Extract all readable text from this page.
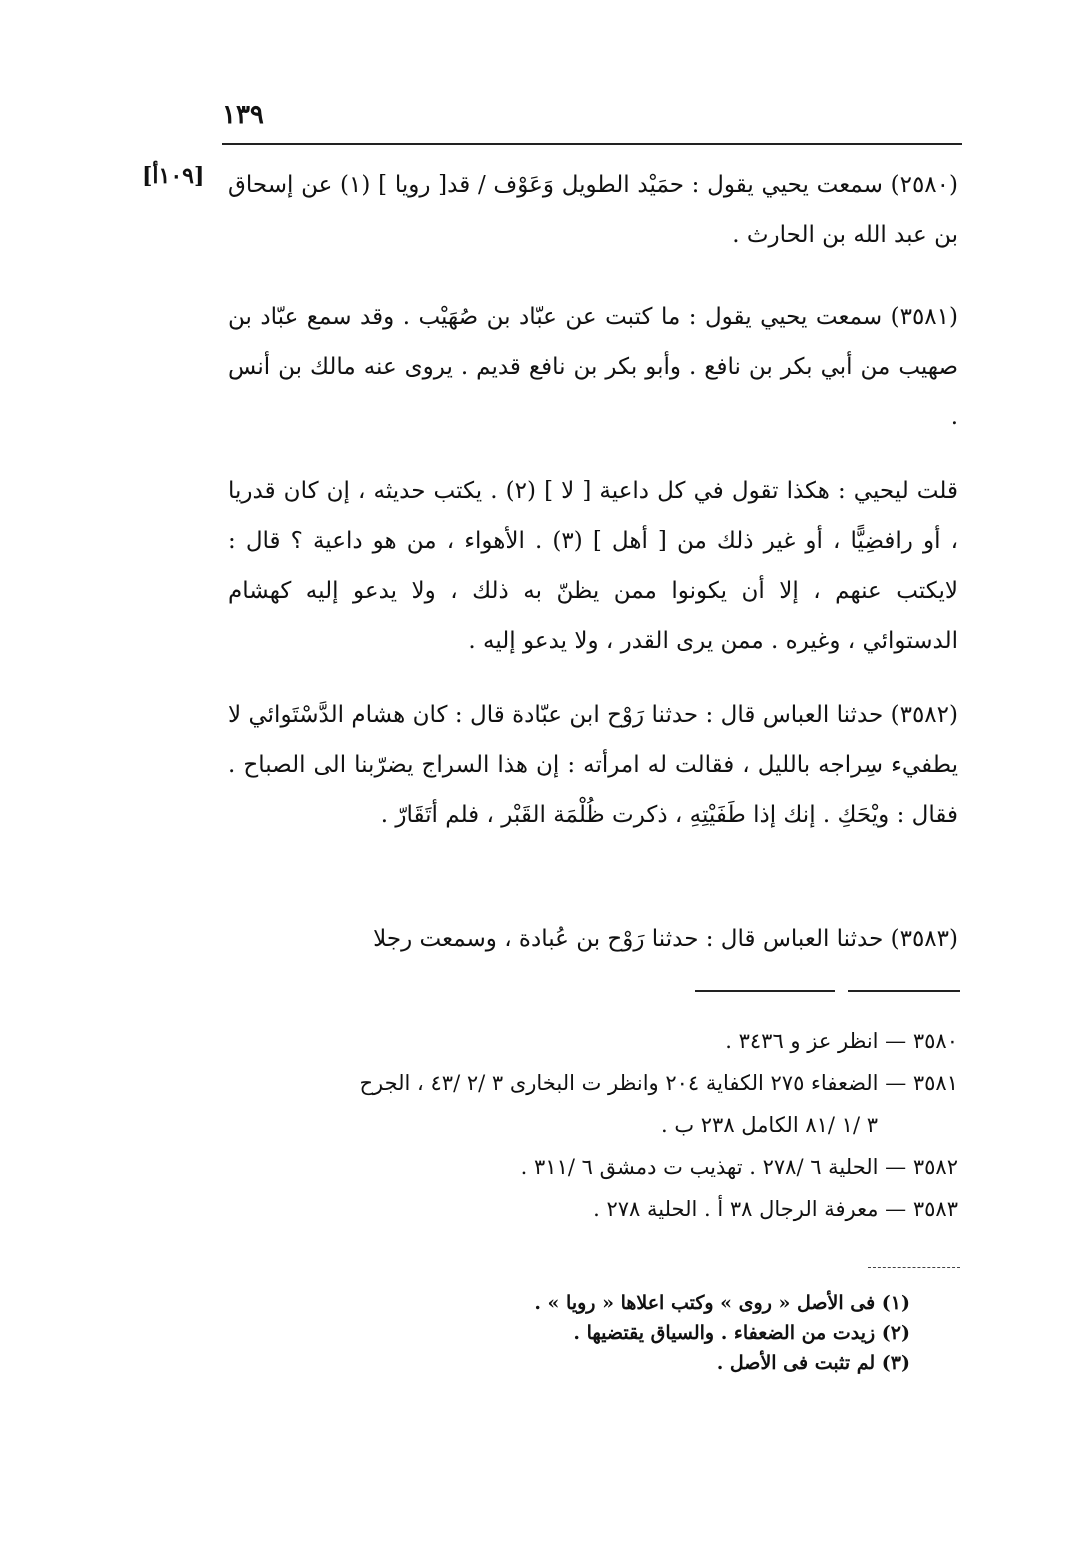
١٣٩
[١٠٩أ] (٢٥٨٠) سمعت يحيي يقول : حمَيْد الطويل وَعَوْف / قد[ رويا ] (١) عن إسحاق بن عبد الله بن الحارث .

(٣٥٨١) سمعت يحيي يقول : ما كتبت عن عبّاد بن صُهَيْب . وقد سمع عبّاد بن صهيب من أبي بكر بن نافع . وأبو بكر بن نافع قديم . يروى عنه مالك بن أنس .

قلت ليحيي : هكذا تقول في كل داعية [ لا ] (٢) . يكتب حديثه ، إن كان قدريا ، أو رافضِيًّا ، أو غير ذلك من [ أهل ] (٣) . الأهواء ، من هو داعية ؟ قال : لايكتب عنهم ، إلا أن يكونوا ممن يظنّ به ذلك ، ولا يدعو إليه كهشام الدستوائي ، وغيره . ممن يرى القدر ، ولا يدعو إليه .

(٣٥٨٢) حدثنا العباس قال : حدثنا رَوْح ابن عبّادة قال : كان هشام الدَّسْتَوائي لا يطفيء سِراجه بالليل ، فقالت له امرأته : إن هذا السراج يضرّبنا الى الصباح . فقال : ويْحَكِ . إنك إذا طَفَيْتِهِ ، ذكرت ظُلْمَة القَبْر ، فلم أتَقَارّ .

(٣٥٨٣) حدثنا العباس قال : حدثنا رَوْح بن عُبادة ، وسمعت رجلا

٣٥٨٠ — انظر عز و ٣٤٣٦ .

٣٥٨١ — الضعفاء ٢٧٥ الكفاية ٢٠٤ وانظر ت البخارى ٣ /٢ /٤٣ ، الجرح

٣ /١ /٨١ الكامل ٢٣٨ ب .

٣٥٨٢ — الحلية ٦ /٢٧٨ . تهذيب ت دمشق ٦ /٣١١ .

٣٥٨٣ — معرفة الرجال ٣٨ أ . الحلية ٢٧٨ .

(١) فى الأصل « روى » وكتب اعلاها « رويا » .

(٢) زيدت من الضعفاء . والسياق يقتضيها .

(٣) لم تثبت فى الأصل .
